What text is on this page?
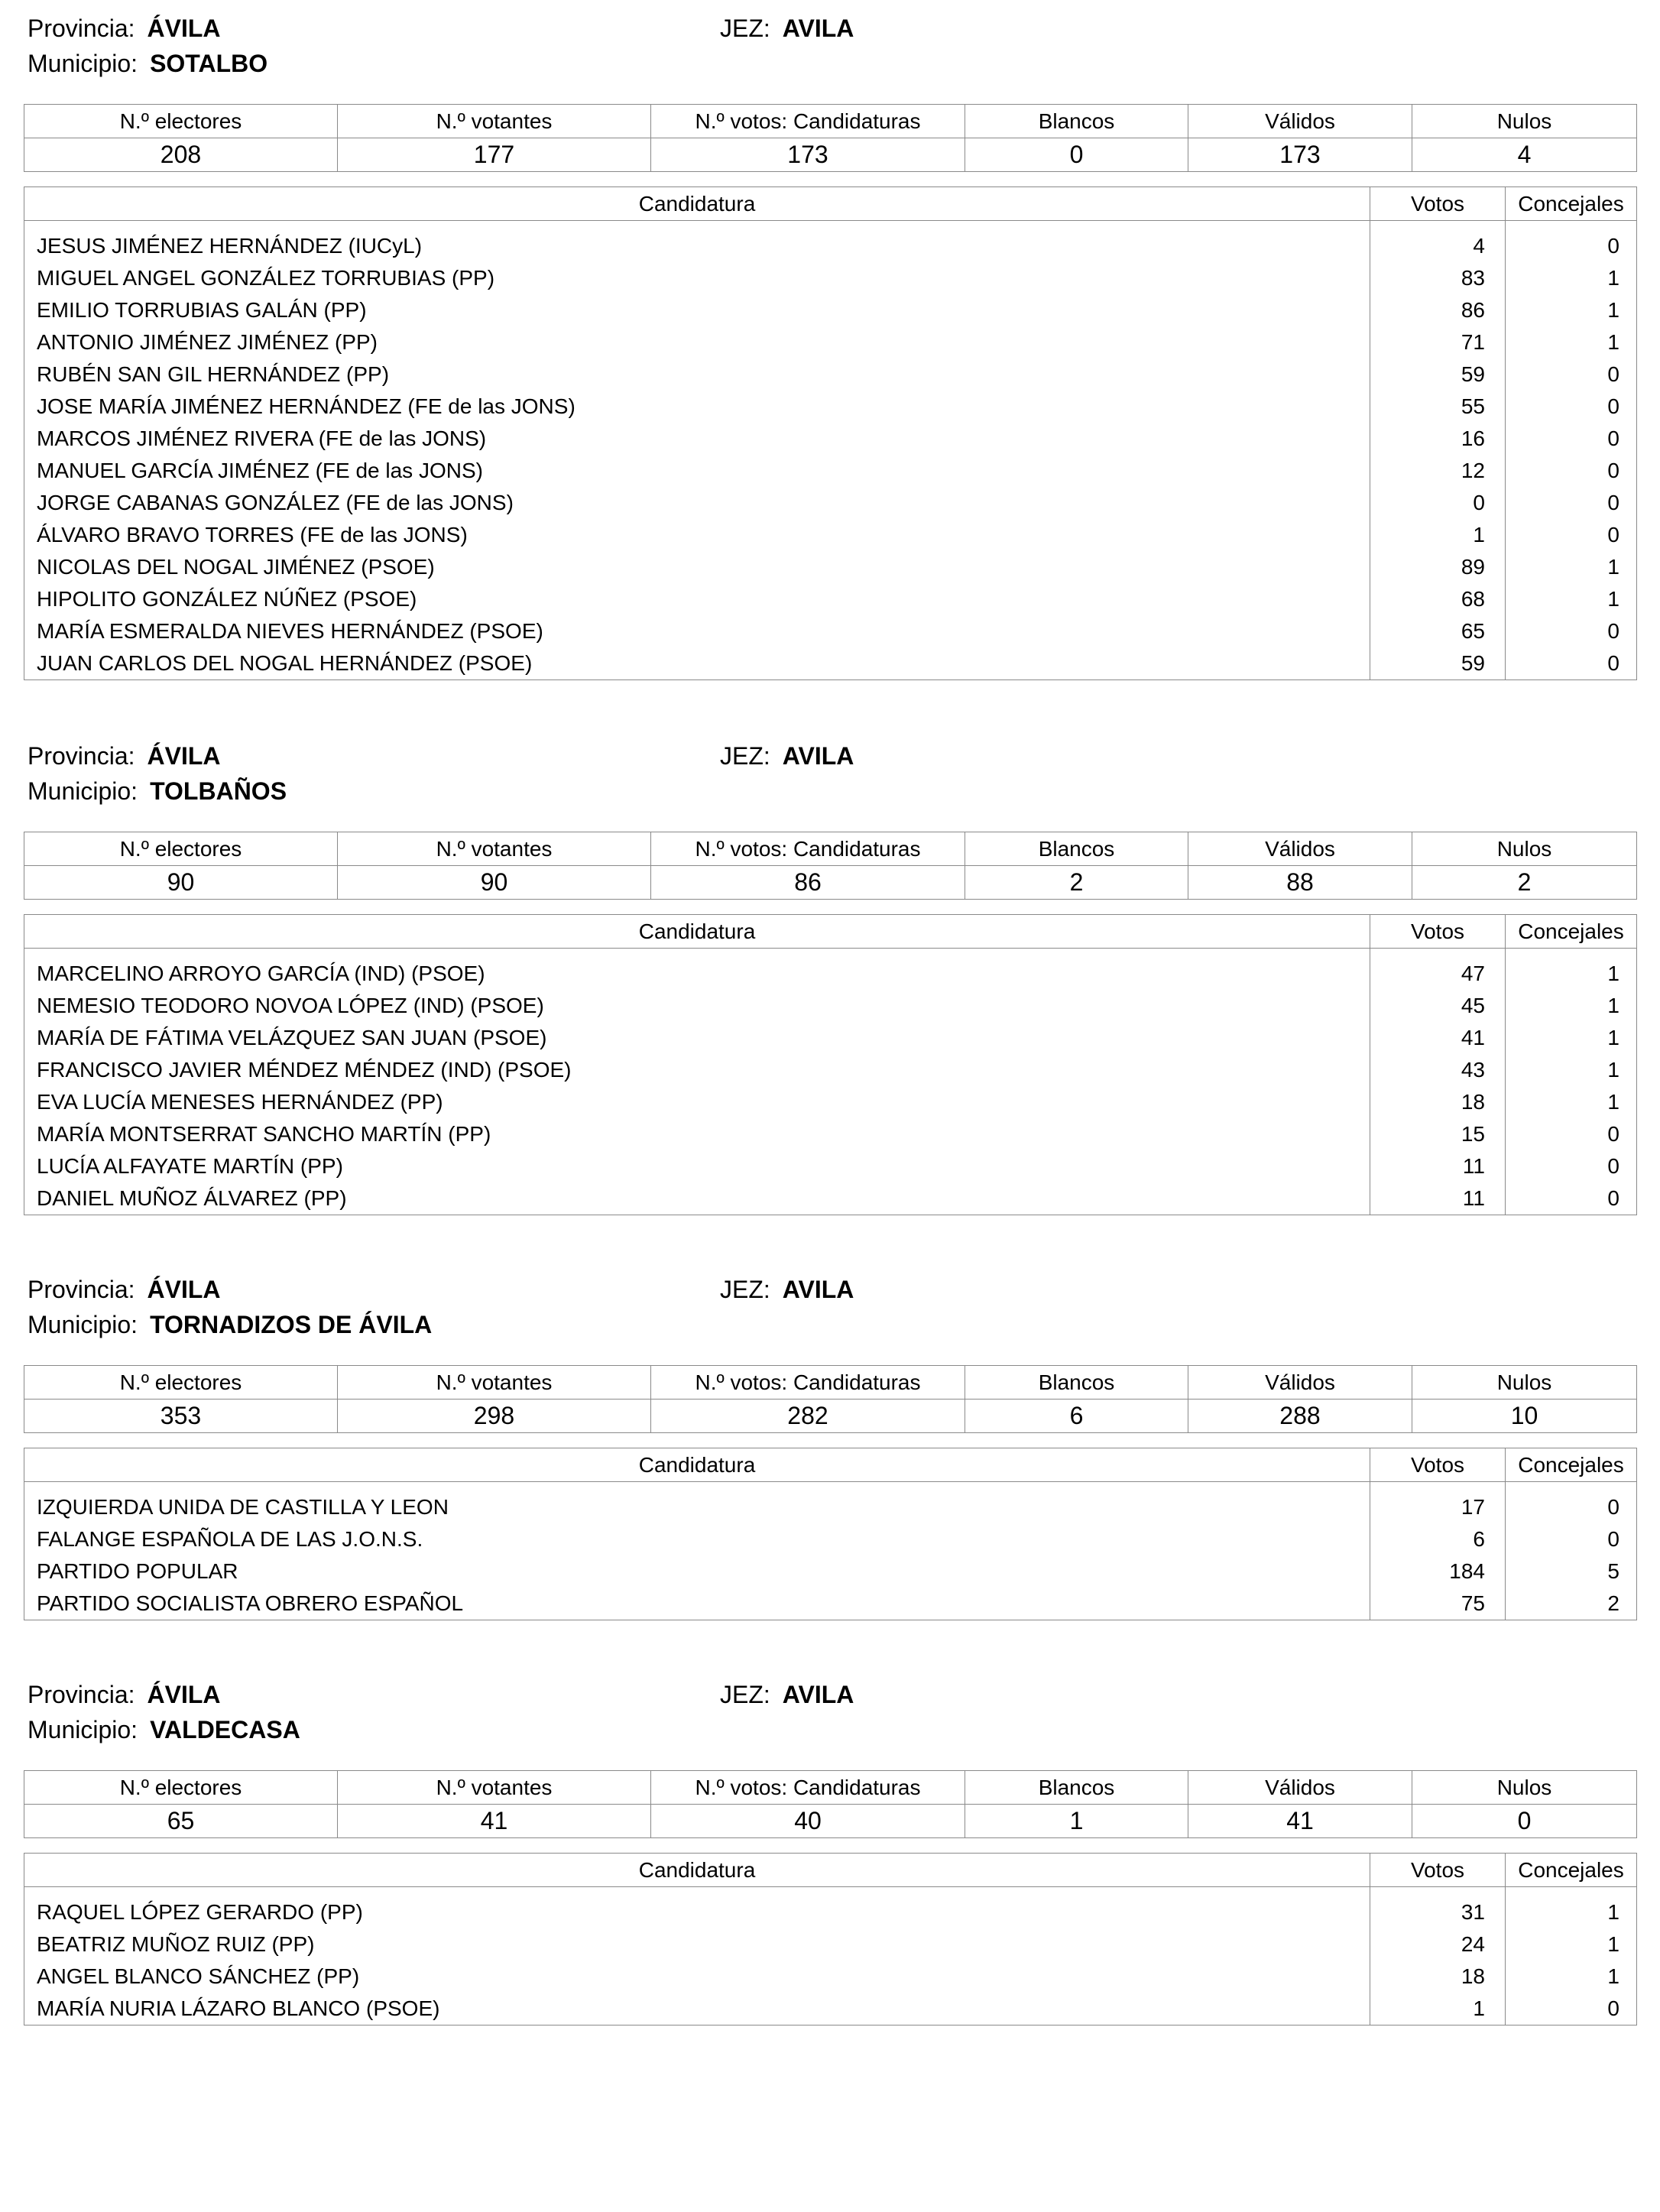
Provincia: ÁVILA	JEZ: AVILA
Municipio: SOTALBO
N.º electores	N.º votantes	N.º votos: Candidaturas	Blancos	Válidos	Nulos
208	177	173	0	173	4
Candidatura	Votos	Concejales

JESUS JIMÉNEZ HERNÁNDEZ (IUCyL)	4	0
MIGUEL ANGEL GONZÁLEZ TORRUBIAS (PP)	83	1
EMILIO TORRUBIAS GALÁN (PP)	86	1
ANTONIO JIMÉNEZ JIMÉNEZ (PP)	71	1
RUBÉN SAN GIL HERNÁNDEZ (PP)	59	0
JOSE MARÍA JIMÉNEZ HERNÁNDEZ (FE de las JONS)	55	0
MARCOS JIMÉNEZ RIVERA (FE de las JONS)	16	0
MANUEL GARCÍA JIMÉNEZ (FE de las JONS)	12	0
JORGE CABANAS GONZÁLEZ (FE de las JONS)	0	0
ÁLVARO BRAVO TORRES (FE de las JONS)	1	0
NICOLAS DEL NOGAL JIMÉNEZ (PSOE)	89	1
HIPOLITO GONZÁLEZ NÚÑEZ (PSOE)	68	1
MARÍA ESMERALDA NIEVES HERNÁNDEZ (PSOE)	65	0
JUAN CARLOS DEL NOGAL HERNÁNDEZ (PSOE)	59	0
Provincia: ÁVILA	JEZ: AVILA
Municipio: TOLBAÑOS
N.º electores	N.º votantes	N.º votos: Candidaturas	Blancos	Válidos	Nulos
90	90	86	2	88	2
Candidatura	Votos	Concejales

MARCELINO ARROYO GARCÍA (IND) (PSOE)	47	1
NEMESIO TEODORO NOVOA LÓPEZ (IND) (PSOE)	45	1
MARÍA DE FÁTIMA VELÁZQUEZ SAN JUAN (PSOE)	41	1
FRANCISCO JAVIER MÉNDEZ MÉNDEZ (IND) (PSOE)	43	1
EVA LUCÍA MENESES HERNÁNDEZ (PP)	18	1
MARÍA MONTSERRAT SANCHO MARTÍN (PP)	15	0
LUCÍA ALFAYATE MARTÍN (PP)	11	0
DANIEL MUÑOZ ÁLVAREZ (PP)	11	0
Provincia: ÁVILA	JEZ: AVILA
Municipio: TORNADIZOS DE ÁVILA
N.º electores	N.º votantes	N.º votos: Candidaturas	Blancos	Válidos	Nulos
353	298	282	6	288	10
Candidatura	Votos	Concejales

IZQUIERDA UNIDA DE CASTILLA Y LEON	17	0
FALANGE ESPAÑOLA DE LAS J.O.N.S.	6	0
PARTIDO POPULAR	184	5
PARTIDO SOCIALISTA OBRERO ESPAÑOL	75	2
Provincia: ÁVILA	JEZ: AVILA
Municipio: VALDECASA
N.º electores	N.º votantes	N.º votos: Candidaturas	Blancos	Válidos	Nulos
65	41	40	1	41	0
Candidatura	Votos	Concejales

RAQUEL LÓPEZ GERARDO (PP)	31	1
BEATRIZ MUÑOZ RUIZ (PP)	24	1
ANGEL BLANCO SÁNCHEZ (PP)	18	1
MARÍA NURIA LÁZARO BLANCO (PSOE)	1	0
